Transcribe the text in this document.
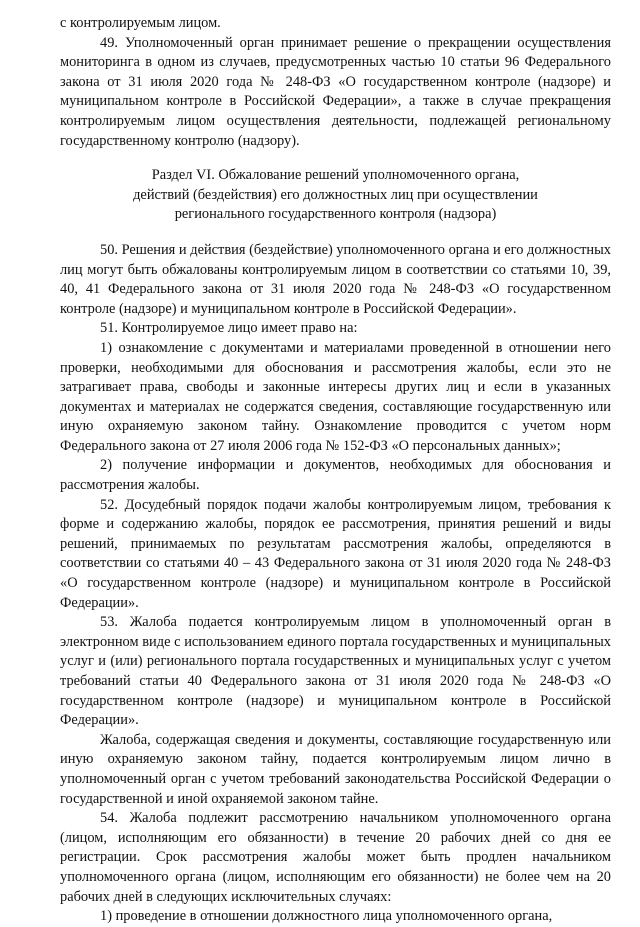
с контролируемым лицом.

49. Уполномоченный орган принимает решение о прекращении осуществления мониторинга в одном из случаев, предусмотренных частью 10 статьи 96 Федерального закона от 31 июля 2020 года № 248-ФЗ «О государственном контроле (надзоре) и муниципальном контроле в Российской Федерации», а также в случае прекращения контролируемым лицом осуществления деятельности, подлежащей региональному государственному контролю (надзору).

Раздел VI. Обжалование решений уполномоченного органа,
действий (бездействия) его должностных лиц при осуществлении
регионального государственного контроля (надзора)

50. Решения и действия (бездействие) уполномоченного органа и его должностных лиц могут быть обжалованы контролируемым лицом в соответствии со статьями 10, 39, 40, 41 Федерального закона от 31 июля 2020 года № 248-ФЗ «О государственном контроле (надзоре) и муниципальном контроле в Российской Федерации».

51. Контролируемое лицо имеет право на:

1) ознакомление с документами и материалами проведенной в отношении него проверки, необходимыми для обоснования и рассмотрения жалобы, если это не затрагивает права, свободы и законные интересы других лиц и если в указанных документах и материалах не содержатся сведения, составляющие государственную или иную охраняемую законом тайну. Ознакомление проводится с учетом норм Федерального закона от 27 июля 2006 года № 152-ФЗ «О персональных данных»;

2) получение информации и документов, необходимых для обоснования и рассмотрения жалобы.

52. Досудебный порядок подачи жалобы контролируемым лицом, требования к форме и содержанию жалобы, порядок ее рассмотрения, принятия решений и виды решений, принимаемых по результатам рассмотрения жалобы, определяются в соответствии со статьями 40 – 43 Федерального закона от 31 июля 2020 года № 248-ФЗ «О государственном контроле (надзоре) и муниципальном контроле в Российской Федерации».

53. Жалоба подается контролируемым лицом в уполномоченный орган в электронном виде с использованием единого портала государственных и муниципальных услуг и (или) регионального портала государственных и муниципальных услуг с учетом требований статьи 40 Федерального закона от 31 июля 2020 года № 248-ФЗ «О государственном контроле (надзоре) и муниципальном контроле в Российской Федерации».

Жалоба, содержащая сведения и документы, составляющие государственную или иную охраняемую законом тайну, подается контролируемым лицом лично в уполномоченный орган с учетом требований законодательства Российской Федерации о государственной и иной охраняемой законом тайне.

54. Жалоба подлежит рассмотрению начальником уполномоченного органа (лицом, исполняющим его обязанности) в течение 20 рабочих дней со дня ее регистрации. Срок рассмотрения жалобы может быть продлен начальником уполномоченного органа (лицом, исполняющим его обязанности) не более чем на 20 рабочих дней в следующих исключительных случаях:

1) проведение в отношении должностного лица уполномоченного органа,
